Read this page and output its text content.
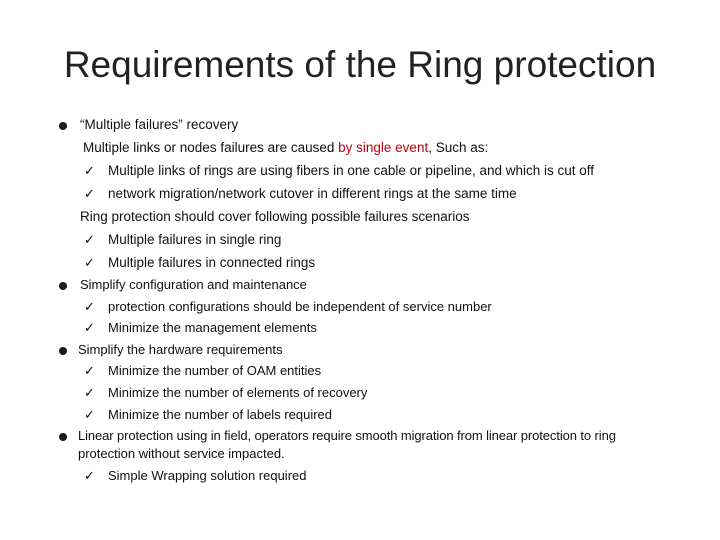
Requirements of the Ring protection
“Multiple failures” recovery
Multiple links or nodes failures are caused by single event, Such as:
✓ Multiple links of rings are using fibers in one cable or pipeline, and which is cut off
✓ network migration/network cutover in different rings at the same time
Ring protection should cover following possible failures scenarios
✓ Multiple failures in single ring
✓ Multiple failures in connected rings
Simplify configuration and maintenance
✓ protection configurations should be independent of service number
✓ Minimize the management elements
Simplify the hardware requirements
✓ Minimize the number of OAM entities
✓ Minimize the number of elements of recovery
✓ Minimize the number of labels required
Linear protection using in field, operators require smooth migration from linear protection to ring
protection without service impacted.
✓ Simple Wrapping solution required
